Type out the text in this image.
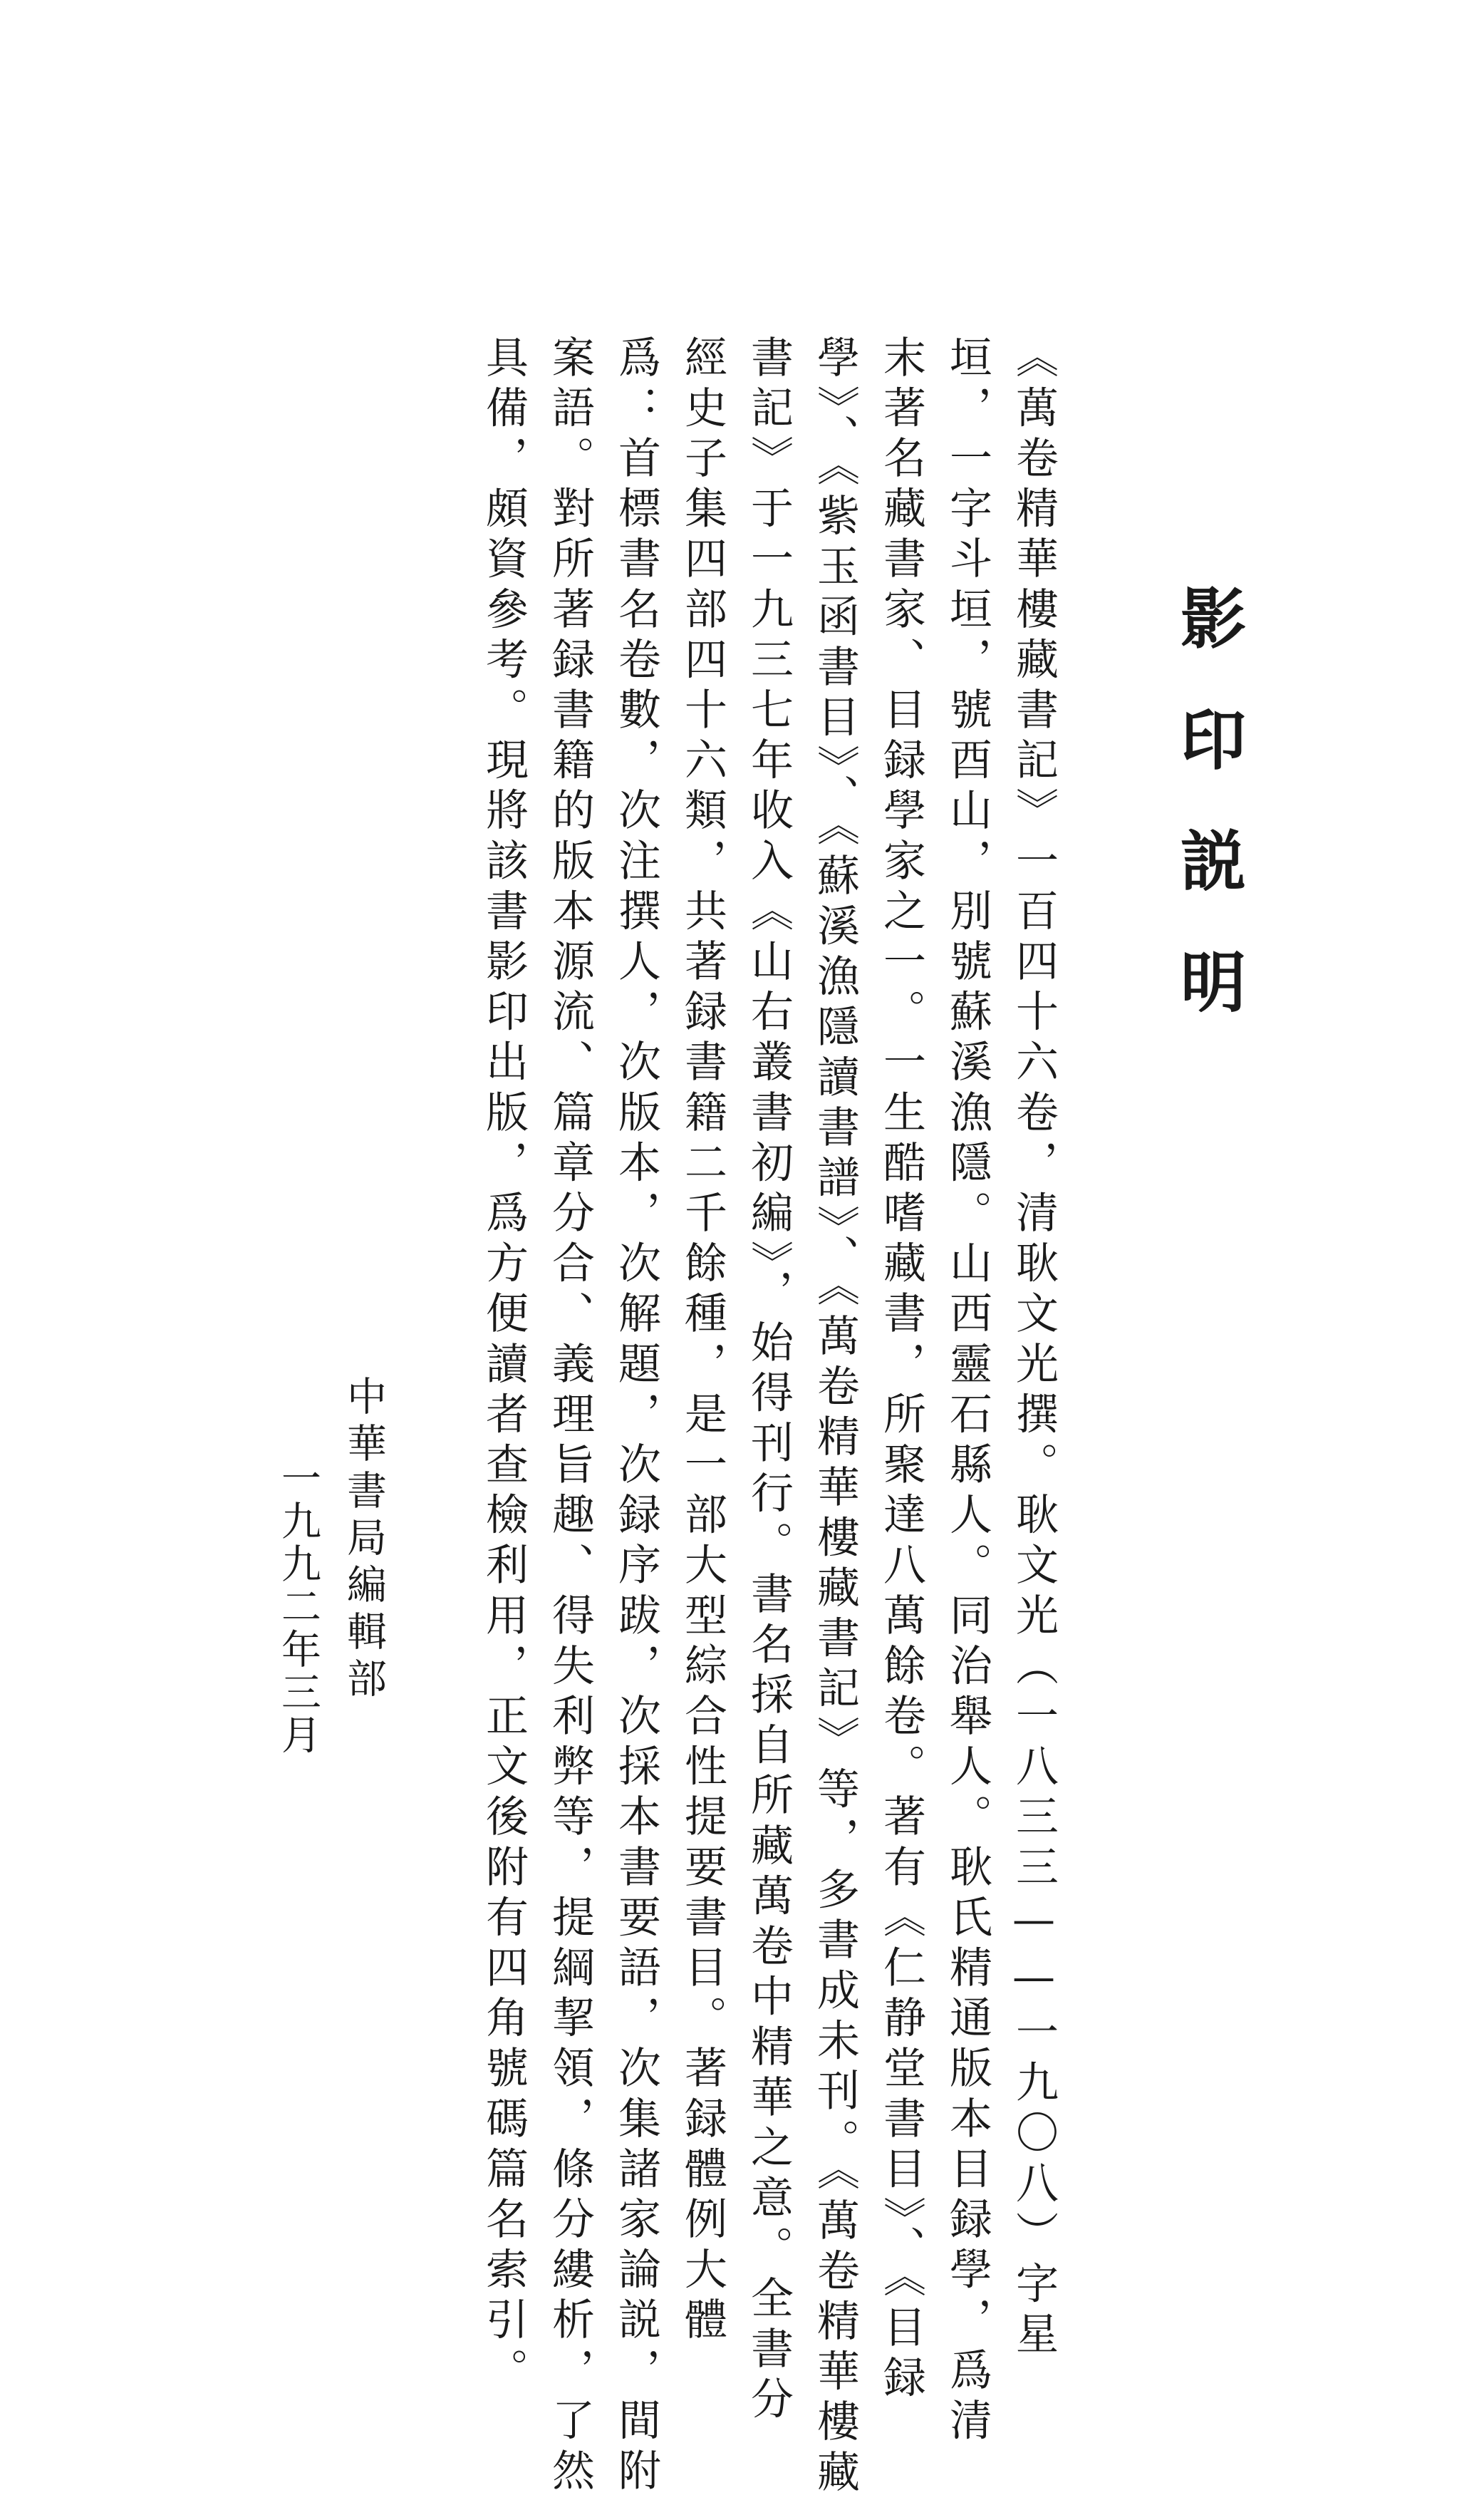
影印説明
《萬卷精華樓藏書記》一百四十六卷，清耿文光撰。耿文光（一八三三——一九〇八）字星
垣，一字斗垣，號酉山，別號蘇溪漁隱。山西靈石縣人。同治舉人。耿氏精通版本目録學，爲清
末著名藏書家、目録學家之一。一生酷嗜藏書，所聚達八萬餘卷。著有《仁静堂書目》、《目録
學》、《紫玉函書目》、《蘇溪漁隱讀書譜》、《萬卷精華樓藏書記》等，多書成未刊。《萬卷精華樓藏
書記》于一九三七年收入《山右叢書初編》，始得刊行。書名採自所藏萬卷中精華之意。全書分
經史子集四部四十六類，共著録書籍二千餘種，是一部大型綜合性提要書目。著録體例大體
爲：首標書名卷數，次注撰人，次版本，次解題，次録序跋，次採本書要語，次集諸家論説，間附
案語。對所著録書籍的版本源流、篇章分合、義理旨趣、得失利弊等，提綱挈領，條分縷析，了然
具備，頗資參考。現將該書影印出版，爲方便讀者查檢利用，正文後附有四角號碼篇名索引。
中華書局編輯部
一九九二年三月
